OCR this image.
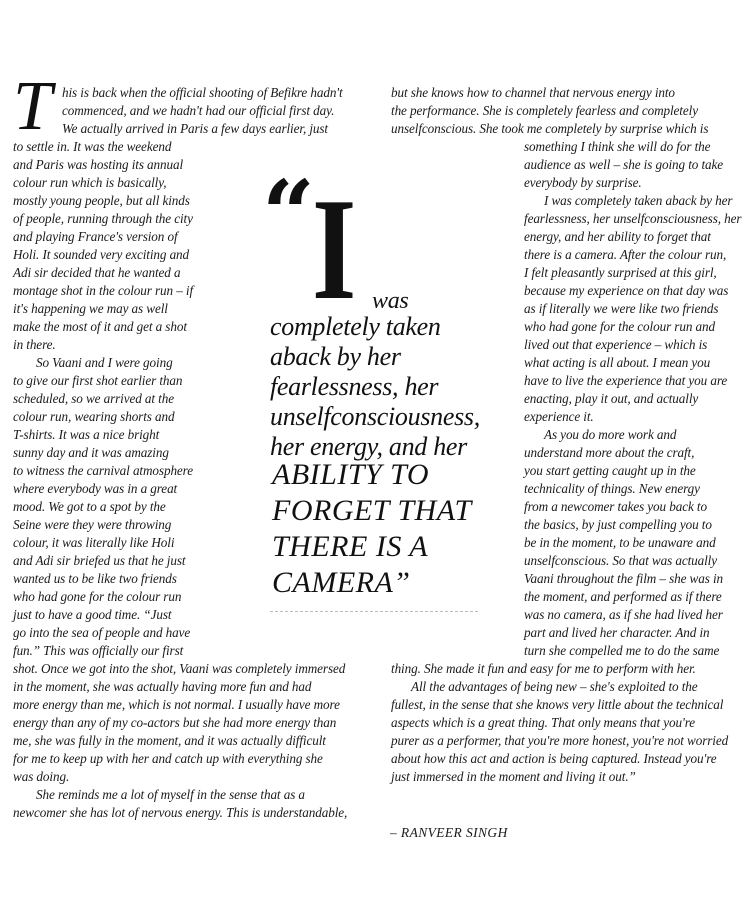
T his is back when the official shooting of Befikre hadn't
commenced, and we hadn't had our official first day.
We actually arrived in Paris a few days earlier, just
to settle in. It was the weekend
and Paris was hosting its annual
colour run which is basically,
mostly young people, but all kinds
of people, running through the city
and playing France's version of
Holi. It sounded very exciting and
Adi sir decided that he wanted a
montage shot in the colour run – if
it's happening we may as well
make the most of it and get a shot
in there.
So Vaani and I were going
to give our first shot earlier than
scheduled, so we arrived at the
colour run, wearing shorts and
T-shirts. It was a nice bright
sunny day and it was amazing
to witness the carnival atmosphere
where everybody was in a great
mood. We got to a spot by the
Seine were they were throwing
colour, it was literally like Holi
and Adi sir briefed us that he just
wanted us to be like two friends
who had gone for the colour run
just to have a good time. “Just
go into the sea of people and have
fun.” This was officially our first
shot. Once we got into the shot, Vaani was completely immersed
in the moment, she was actually having more fun and had
more energy than me, which is not normal. I usually have more
energy than any of my co-actors but she had more energy than
me, she was fully in the moment, and it was actually difficult
for me to keep up with her and catch up with everything she
was doing.
She reminds me a lot of myself in the sense that as a
newcomer she has lot of nervous energy. This is understandable,
but she knows how to channel that nervous energy into
the performance. She is completely fearless and completely
unselfconscious. She took me completely by surprise which is
something I think she will do for the
audience as well – she is going to take
everybody by surprise.
I was completely taken aback by her
fearlessness, her unselfconsciousness, her
energy, and her ability to forget that
there is a camera. After the colour run,
I felt pleasantly surprised at this girl,
because my experience on that day was
as if literally we were like two friends
who had gone for the colour run and
lived out that experience – which is
what acting is all about. I mean you
have to live the experience that you are
enacting, play it out, and actually
experience it.
As you do more work and
understand more about the craft,
you start getting caught up in the
technicality of things. New energy
from a newcomer takes you back to
the basics, by just compelling you to
be in the moment, to be unaware and
unselfconscious. So that was actually
Vaani throughout the film – she was in
the moment, and performed as if there
was no camera, as if she had lived her
part and lived her character. And in
turn she compelled me to do the same
thing. She made it fun and easy for me to perform with her.
All the advantages of being new – she's exploited to the
fullest, in the sense that she knows very little about the technical
aspects which is a great thing. That only means that you're
purer as a performer, that you're more honest, you're not worried
about how this act and action is being captured. Instead you're
just immersed in the moment and living it out.”
“
I was
completely taken
aback by her
fearlessness, her
unselfconsciousness,
her energy, and her
ABILITY TO
FORGET THAT
THERE IS A
CAMERA”
– RANVEER SINGH
